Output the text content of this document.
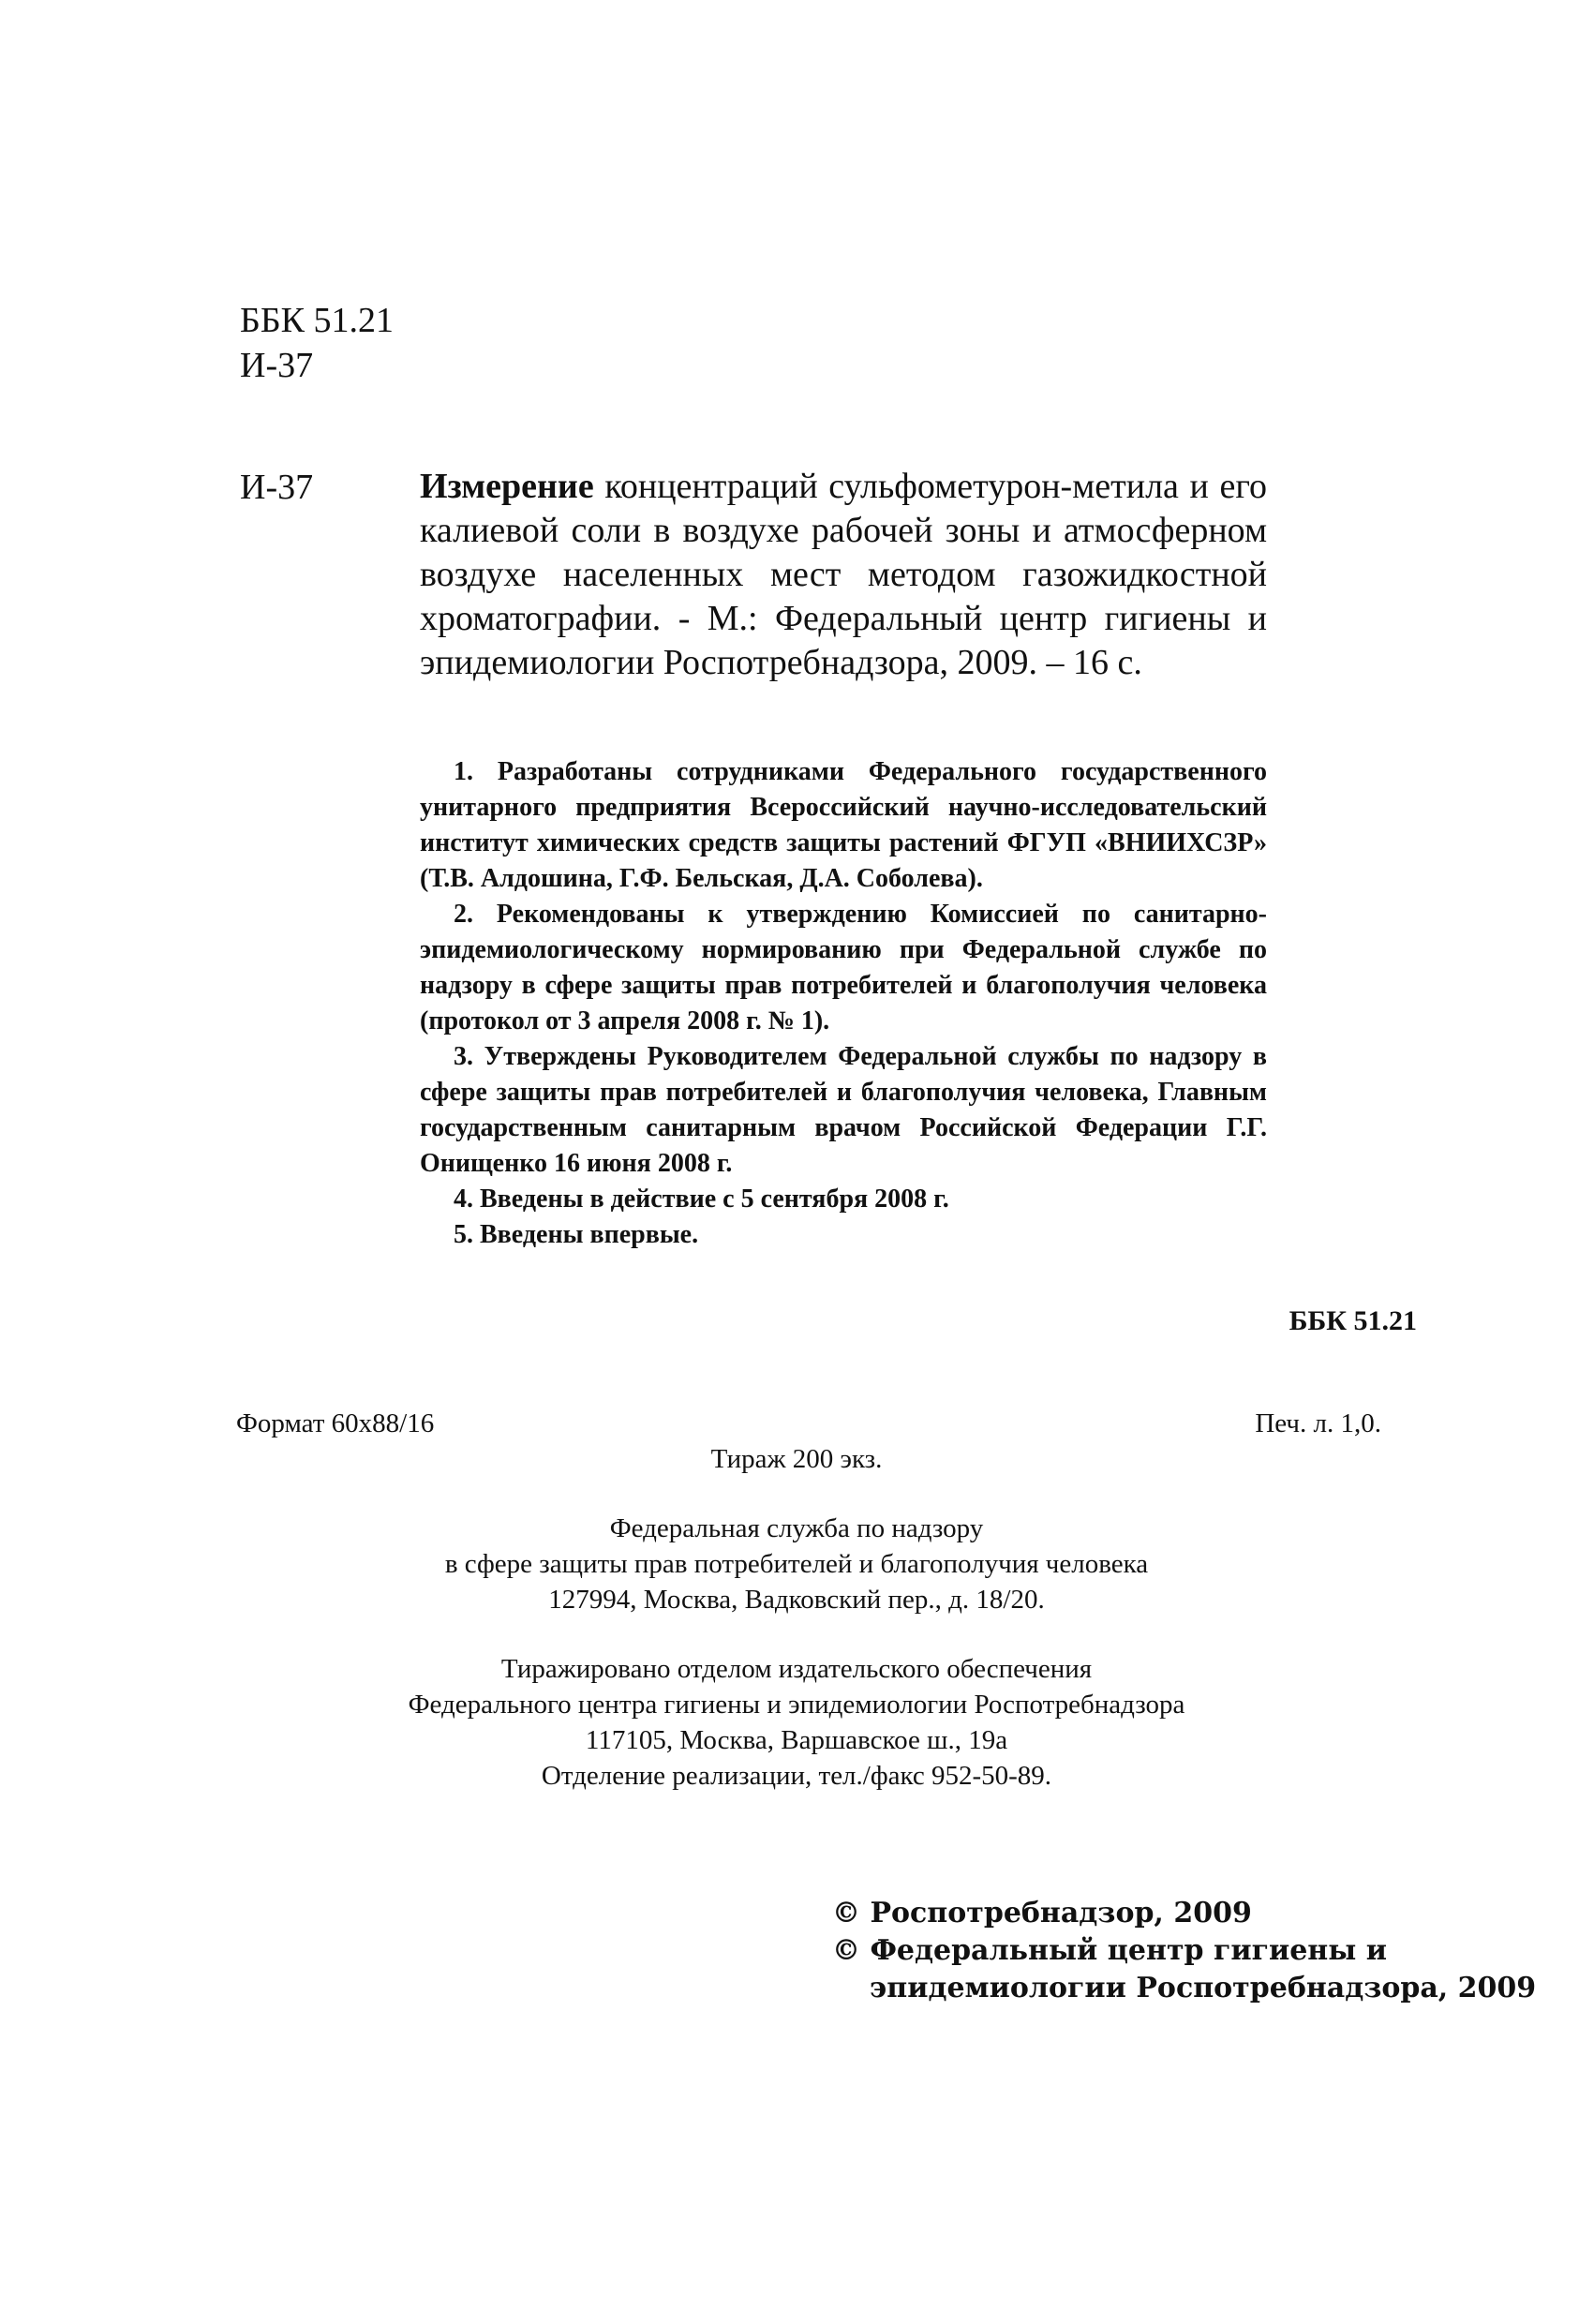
ББК 51.21
И-37
И-37	Измерение концентраций сульфометурон-метила и его калиевой соли в воздухе рабочей зоны и атмосферном воздухе населенных мест методом газожидкостной хроматографии. - М.: Федеральный центр гигиены и эпидемиологии Роспотребнадзора, 2009. – 16 с.

1. Разработаны сотрудниками Федерального государственного унитарного предприятия Всероссийский научно-исследовательский институт химических средств защиты растений ФГУП «ВНИИХСЗР» (Т.В. Алдошина, Г.Ф. Бельская, Д.А. Соболева).

2. Рекомендованы к утверждению Комиссией по санитарно-эпидемиологическому нормированию при Федеральной службе по надзору в сфере защиты прав потребителей и благополучия человека (протокол от 3 апреля 2008 г. № 1).

3. Утверждены Руководителем Федеральной службы по надзору в сфере защиты прав потребителей и благополучия человека, Главным государственным санитарным врачом Российской Федерации Г.Г. Онищенко 16 июня 2008 г.

4. Введены в действие с 5 сентября 2008 г.

5. Введены впервые.

ББК 51.21
Формат 60х88/16	Печ. л. 1,0.
Тираж 200 экз.
Федеральная служба по надзору
в сфере защиты прав потребителей и благополучия человека
127994, Москва, Вадковский пер., д. 18/20.
Тиражировано отделом издательского обеспечения
Федерального центра гигиены и эпидемиологии Роспотребнадзора
117105, Москва, Варшавское ш., 19а
Отделение реализации, тел./факс 952-50-89.
© Роспотребнадзор, 2009
© Федеральный центр гигиены и
эпидемиологии Роспотребнадзора, 2009
